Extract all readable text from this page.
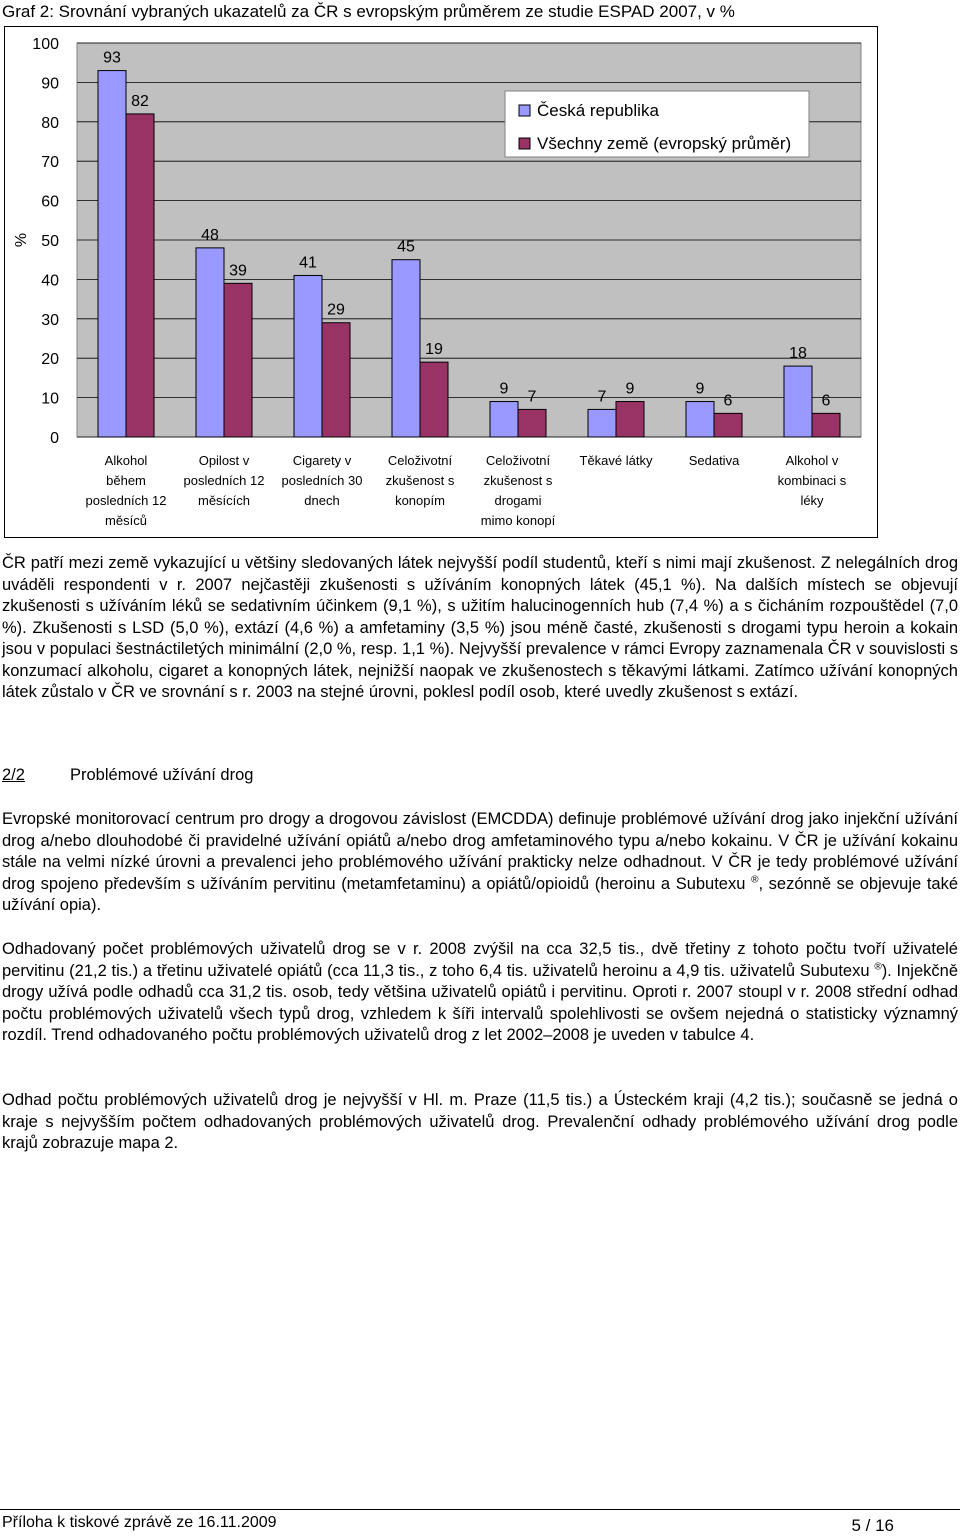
Graf 2: Srovnání vybraných ukazatelů za ČR s evropským průměrem ze studie ESPAD 2007, v %
0
10
20
30
40
50
60
70
80
90
100
%
93
82
Alkohol
během
posledních 12
měsíců
48
39
Opilost v
posledních 12
měsících
41
29
Cigarety v
posledních 30
dnech
45
19
Celoživotní
zkušenost s
konopím
9 7
Celoživotní
zkušenost s
drogami
mimo konopí
7 9
Těkavé látky
9
6
Sedativa
18
6
Alkohol v
kombinaci s
léky
Česká republika
Všechny země (evropský průměr)
ČR patří mezi země vykazující u většiny sledovaných látek nejvyšší podíl studentů, kteří s nimi mají zkušenost. Z nelegálních drog uváděli respondenti v r. 2007 nejčastěji zkušenosti s užíváním konopných látek (45,1 %). Na dalších místech se objevují zkušenosti s užíváním léků se sedativním účinkem (9,1 %), s užitím halucinogenních hub (7,4 %) a s čicháním rozpouštědel (7,0 %). Zkušenosti s LSD (5,0 %), extází (4,6 %) a amfetaminy (3,5 %) jsou méně časté, zkušenosti s drogami typu heroin a kokain jsou v populaci šestnáctiletých minimální (2,0 %, resp. 1,1 %). Nejvyšší prevalence v rámci Evropy zaznamenala ČR v souvislosti s konzumací alkoholu, cigaret a konopných látek, nejnižší naopak ve zkušenostech s těkavými látkami. Zatímco užívání konopných látek zůstalo v ČR ve srovnání s r. 2003 na stejné úrovni, poklesl podíl osob, které uvedly zkušenost s extází.
2/2	Problémové užívání drog
Evropské monitorovací centrum pro drogy a drogovou závislost (EMCDDA) definuje problémové užívání drog jako injekční užívání drog a/nebo dlouhodobé či pravidelné užívání opiátů a/nebo drog amfetaminového typu a/nebo kokainu. V ČR je užívání kokainu stále na velmi nízké úrovni a prevalenci jeho problémového užívání prakticky nelze odhadnout. V ČR je tedy problémové užívání drog spojeno především s užíváním pervitinu (metamfetaminu) a opiátů/opioidů (heroinu a Subutexu ®, sezónně se objevuje také užívání opia).
Odhadovaný počet problémových uživatelů drog se v r. 2008 zvýšil na cca 32,5 tis., dvě třetiny z tohoto počtu tvoří uživatelé pervitinu (21,2 tis.) a třetinu uživatelé opiátů (cca 11,3 tis., z toho 6,4 tis. uživatelů heroinu a 4,9 tis. uživatelů Subutexu ®). Injekčně drogy užívá podle odhadů cca 31,2 tis. osob, tedy většina uživatelů opiátů i pervitinu. Oproti r. 2007 stoupl v r. 2008 střední odhad počtu problémových uživatelů všech typů drog, vzhledem k šíři intervalů spolehlivosti se ovšem nejedná o statisticky významný rozdíl. Trend odhadovaného počtu problémových uživatelů drog z let 2002–2008 je uveden v tabulce 4.
Odhad počtu problémových uživatelů drog je nejvyšší v Hl. m. Praze (11,5 tis.) a Ústeckém kraji (4,2 tis.); současně se jedná o kraje s nejvyšším počtem odhadovaných problémových uživatelů drog. Prevalenční odhady problémového užívání drog podle krajů zobrazuje mapa 2.
Příloha k tiskové zprávě ze 16.11.2009	5 / 16
